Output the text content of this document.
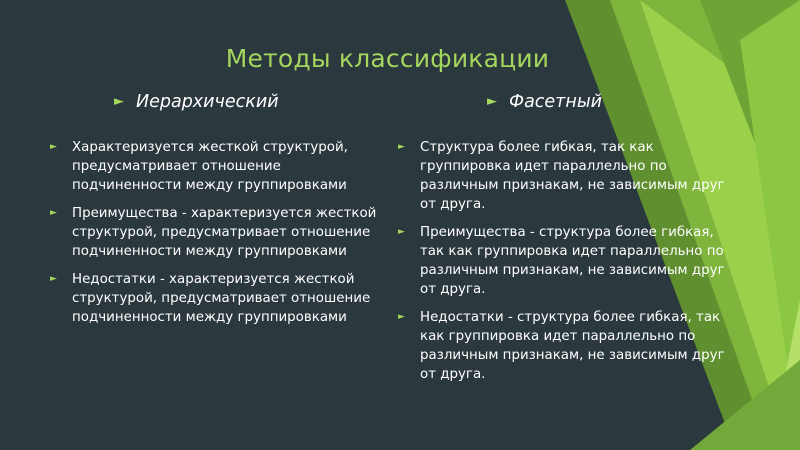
Методы классификации
► Иерархический	► Фасетный
► Характеризуется жесткой структурой, предусматривает отношение подчиненности между группировками
► Преимущества - характеризуется жесткой структурой, предусматривает отношение подчиненности между группировками
► Недостатки - характеризуется жесткой структурой, предусматривает отношение подчиненности между группировками
► Структура более гибкая, так как группировка идет параллельно по различным признакам, не зависимым друг от друга.
► Преимущества - структура более гибкая, так как группировка идет параллельно по различным признакам, не зависимым друг от друга.
► Недостатки - структура более гибкая, так как группировка идет параллельно по различным признакам, не зависимым друг от друга.
